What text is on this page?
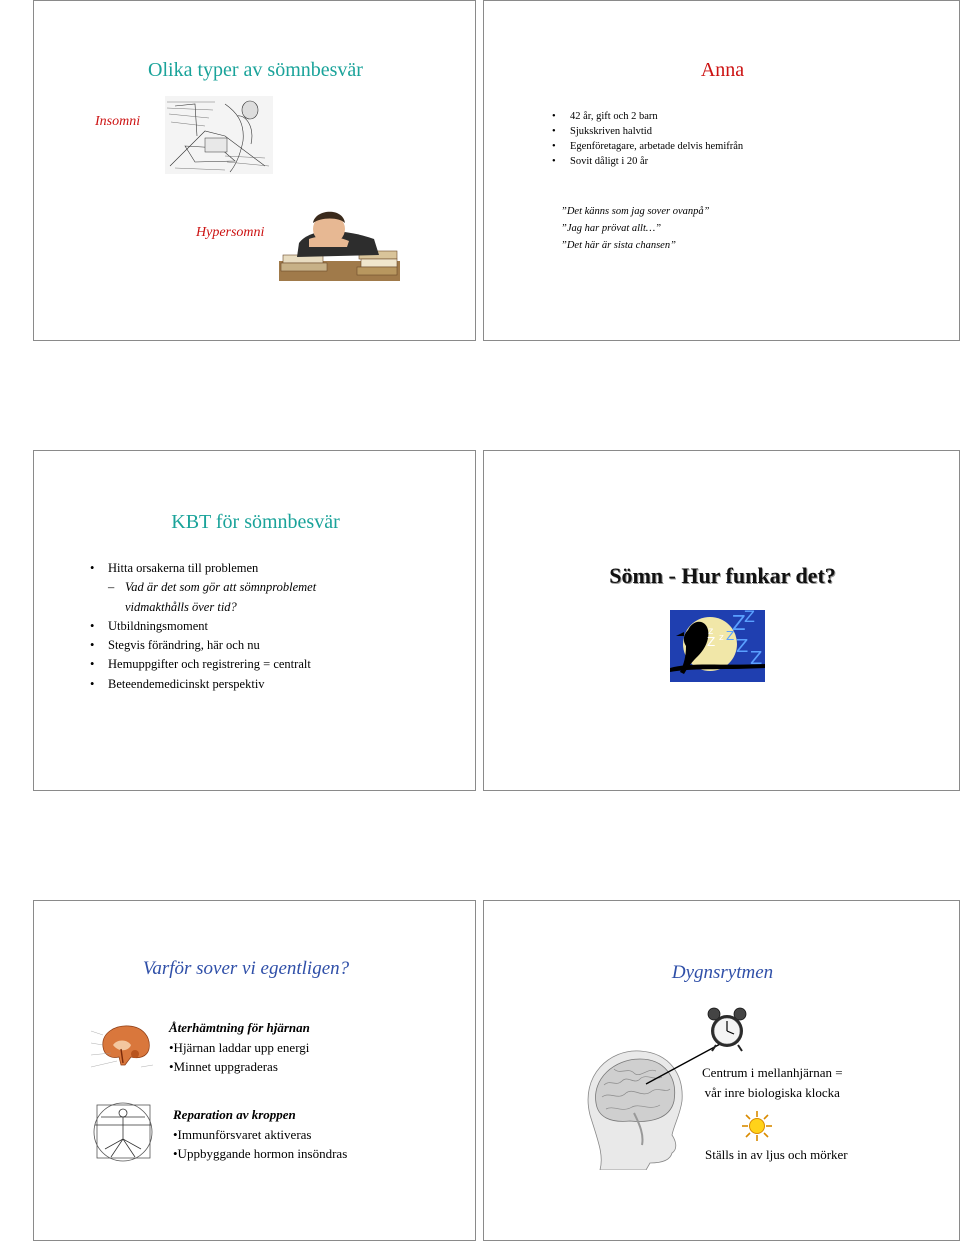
Olika typer av sömnbesvär
Insomni
Hypersomni
Anna
• 42 år, gift och 2 barn
• Sjukskriven halvtid
• Egenföretagare, arbetade delvis hemifrån
• Sovit dåligt i 20 år
”Det känns som jag sover ovanpå”
”Jag har prövat allt…”
”Det här är sista chansen”
KBT för sömnbesvär
• Hitta orsakerna till problemen
– Vad är det som gör att sömnproblemet
vidmakthålls över tid?
• Utbildningsmoment
• Stegvis förändring, här och nu
• Hemuppgifter och registrering = centralt
• Beteendemedicinskt perspektiv
Sömn - Hur funkar det?
z
Z z
Z
Z
Z
Z
Z
Varför sover vi egentligen?
Återhämtning för hjärnan
•Hjärnan laddar upp energi
•Minnet uppgraderas
Reparation av kroppen
•Immunförsvaret aktiveras
•Uppbyggande hormon insöndras
Dygnsrytmen
Centrum i mellanhjärnan =
vår inre biologiska klocka
Ställs in av ljus och mörker
